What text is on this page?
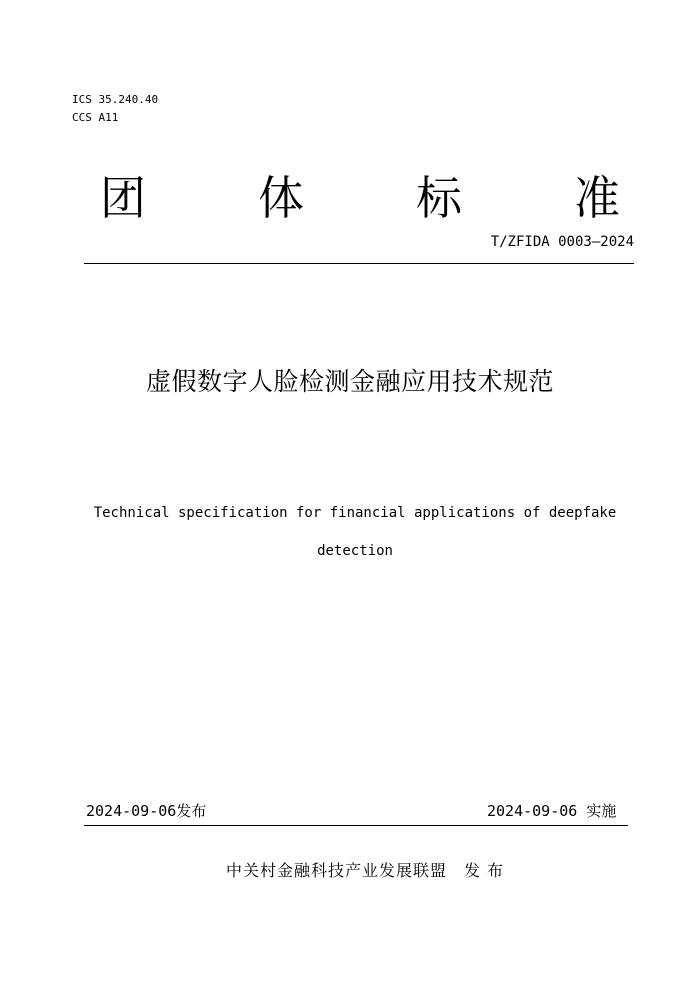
ICS 35.240.40
CCS A11
团 体 标 准
T/ZFIDA 0003—2024
虚假数字人脸检测金融应用技术规范
Technical specification for financial applications of deepfake detection
2024-09-06发布	2024-09-06 实施
中关村金融科技产业发展联盟　发 布
